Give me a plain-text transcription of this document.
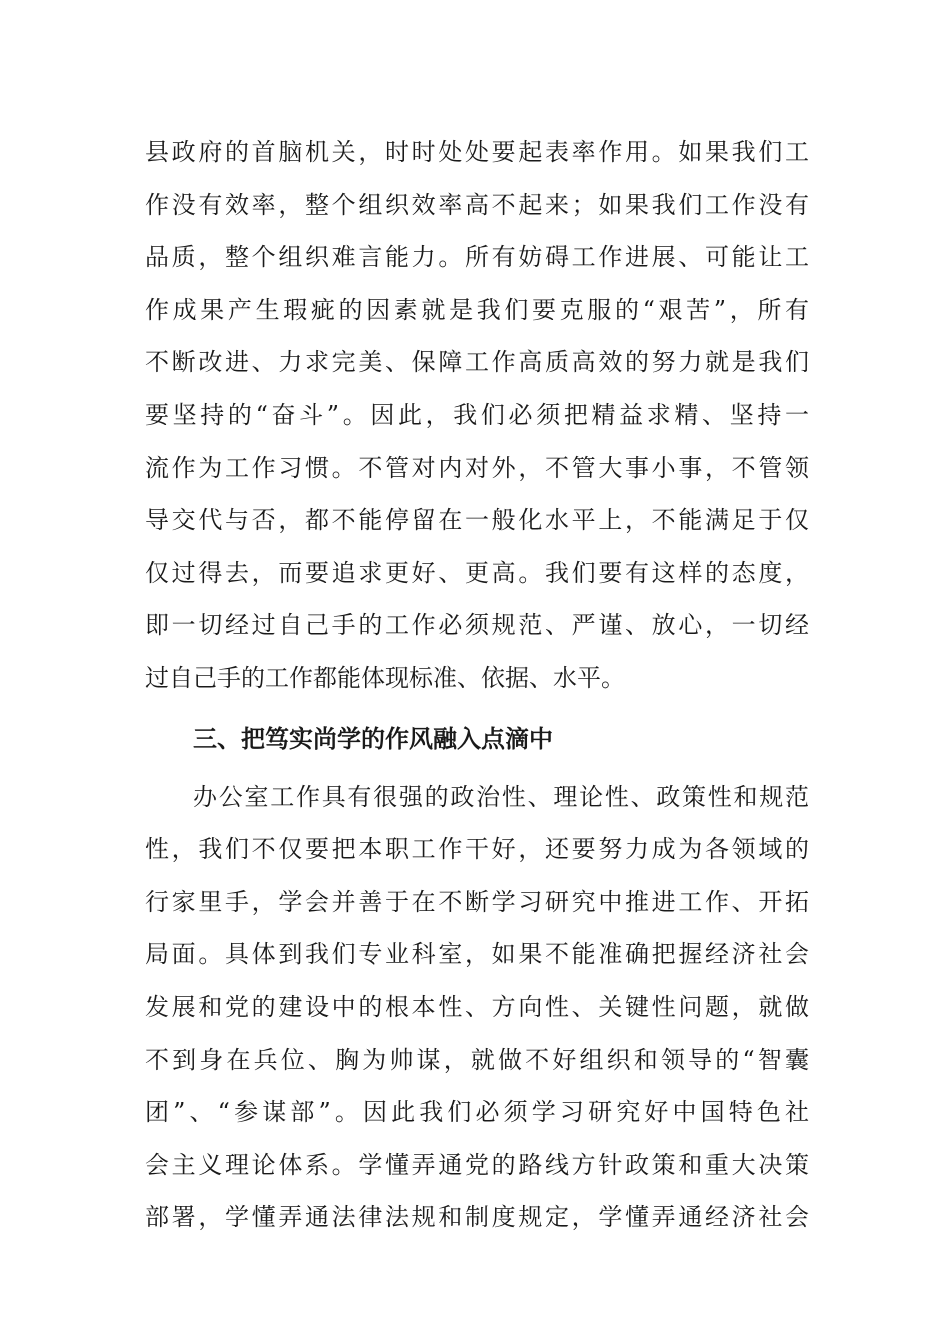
县政府的首脑机关，时时处处要起表率作用。如果我们工
作没有效率，整个组织效率高不起来；如果我们工作没有
品质，整个组织难言能力。所有妨碍工作进展、可能让工
作成果产生瑕疵的因素就是我们要克服的“艰苦”，所有
不断改进、力求完美、保障工作高质高效的努力就是我们
要坚持的“奋斗”。因此，我们必须把精益求精、坚持一
流作为工作习惯。不管对内对外，不管大事小事，不管领
导交代与否，都不能停留在一般化水平上，不能满足于仅
仅过得去，而要追求更好、更高。我们要有这样的态度，
即一切经过自己手的工作必须规范、严谨、放心，一切经
过自己手的工作都能体现标准、依据、水平。
三、把笃实尚学的作风融入点滴中
办公室工作具有很强的政治性、理论性、政策性和规范
性，我们不仅要把本职工作干好，还要努力成为各领域的
行家里手，学会并善于在不断学习研究中推进工作、开拓
局面。具体到我们专业科室，如果不能准确把握经济社会
发展和党的建设中的根本性、方向性、关键性问题，就做
不到身在兵位、胸为帅谋，就做不好组织和领导的“智囊
团”、“参谋部”。因此我们必须学习研究好中国特色社
会主义理论体系。学懂弄通党的路线方针政策和重大决策
部署，学懂弄通法律法规和制度规定，学懂弄通经济社会
